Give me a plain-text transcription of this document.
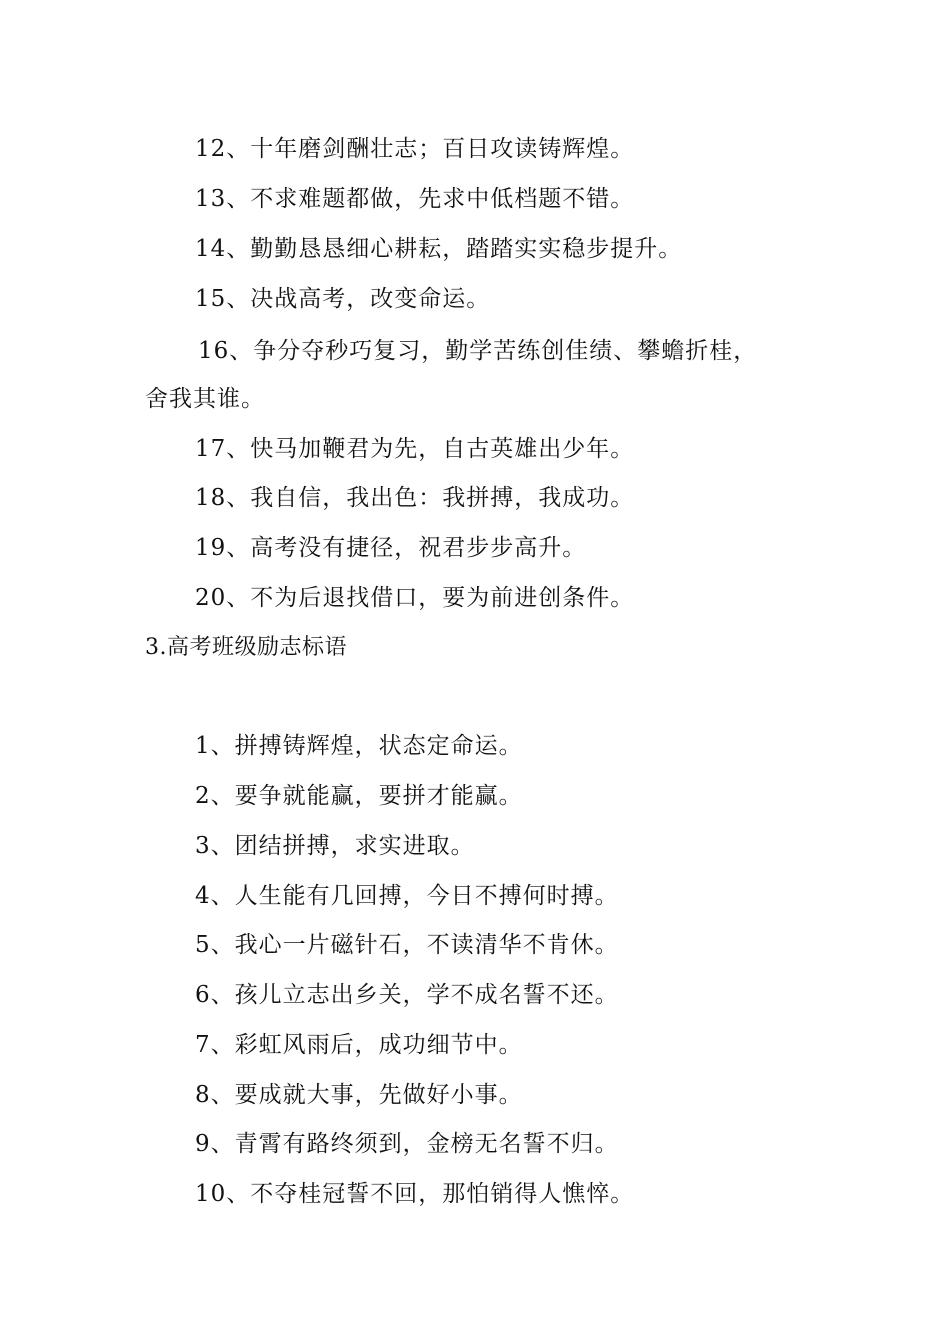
12、十年磨剑酬壮志；百日攻读铸辉煌。
13、不求难题都做，先求中低档题不错。
14、勤勤恳恳细心耕耘，踏踏实实稳步提升。
15、决战高考，改变命运。
16、争分夺秒巧复习，勤学苦练创佳绩、攀蟾折桂，
舍我其谁。
17、快马加鞭君为先，自古英雄出少年。
18、我自信，我出色：我拼搏，我成功。
19、高考没有捷径，祝君步步高升。
20、不为后退找借口，要为前进创条件。
3.高考班级励志标语
1、拼搏铸辉煌，状态定命运。
2、要争就能赢，要拼才能赢。
3、团结拼搏，求实进取。
4、人生能有几回搏，今日不搏何时搏。
5、我心一片磁针石，不读清华不肯休。
6、孩儿立志出乡关，学不成名誓不还。
7、彩虹风雨后，成功细节中。
8、要成就大事，先做好小事。
9、青霄有路终须到，金榜无名誓不归。
10、不夺桂冠誓不回，那怕销得人憔悴。
